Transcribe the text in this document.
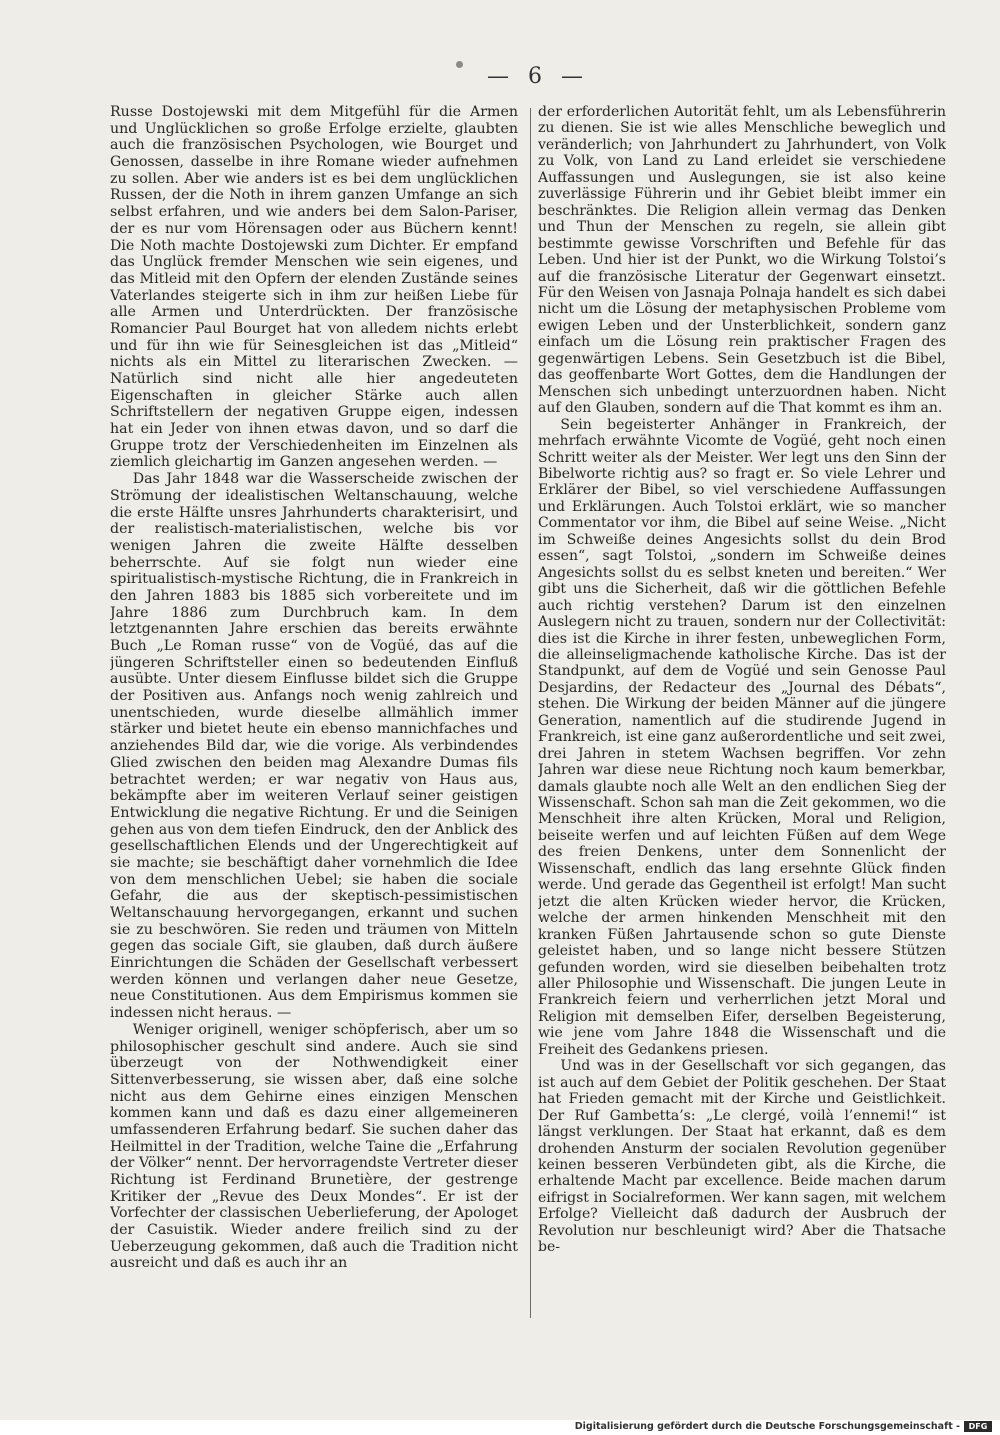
— 6 —

Russe Dostojewski mit dem Mitgefühl für die Armen und Unglücklichen so große Erfolge erzielte, glaubten auch die französischen Psychologen, wie Bourget und Genossen, dasselbe in ihre Romane wieder aufnehmen zu sollen. Aber wie anders ist es bei dem unglücklichen Russen, der die Noth in ihrem ganzen Umfange an sich selbst erfahren, und wie anders bei dem Salon-Pariser, der es nur vom Hörensagen oder aus Büchern kennt! Die Noth machte Dostojewski zum Dichter. Er empfand das Unglück fremder Menschen wie sein eigenes, und das Mitleid mit den Opfern der elenden Zustände seines Vaterlandes steigerte sich in ihm zur heißen Liebe für alle Armen und Unterdrückten. Der französische Romancier Paul Bourget hat von alledem nichts erlebt und für ihn wie für Seinesgleichen ist das „Mitleid“ nichts als ein Mittel zu literarischen Zwecken. — Natürlich sind nicht alle hier angedeuteten Eigenschaften in gleicher Stärke auch allen Schriftstellern der negativen Gruppe eigen, indessen hat ein Jeder von ihnen etwas davon, und so darf die Gruppe trotz der Verschiedenheiten im Einzelnen als ziemlich gleichartig im Ganzen angesehen werden. —

Das Jahr 1848 war die Wasserscheide zwischen der Strömung der idealistischen Weltanschauung, welche die erste Hälfte unsres Jahrhunderts charakterisirt, und der realistisch-materialistischen, welche bis vor wenigen Jahren die zweite Hälfte desselben beherrschte. Auf sie folgt nun wieder eine spiritualistisch-mystische Richtung, die in Frankreich in den Jahren 1883 bis 1885 sich vorbereitete und im Jahre 1886 zum Durchbruch kam. In dem letztgenannten Jahre erschien das bereits erwähnte Buch „Le Roman russe“ von de Vogüé, das auf die jüngeren Schriftsteller einen so bedeutenden Einfluß ausübte. Unter diesem Einflusse bildet sich die Gruppe der Positiven aus. Anfangs noch wenig zahlreich und unentschieden, wurde dieselbe allmählich immer stärker und bietet heute ein ebenso mannichfaches und anziehendes Bild dar, wie die vorige. Als verbindendes Glied zwischen den beiden mag Alexandre Dumas fils betrachtet werden; er war negativ von Haus aus, bekämpfte aber im weiteren Verlauf seiner geistigen Entwicklung die negative Richtung. Er und die Seinigen gehen aus von dem tiefen Eindruck, den der Anblick des gesellschaftlichen Elends und der Ungerechtigkeit auf sie machte; sie beschäftigt daher vornehmlich die Idee von dem menschlichen Uebel; sie haben die sociale Gefahr, die aus der skeptisch-pessimistischen Weltanschauung hervorgegangen, erkannt und suchen sie zu beschwören. Sie reden und träumen von Mitteln gegen das sociale Gift, sie glauben, daß durch äußere Einrichtungen die Schäden der Gesellschaft verbessert werden können und verlangen daher neue Gesetze, neue Constitutionen. Aus dem Empirismus kommen sie indessen nicht heraus. —

Weniger originell, weniger schöpferisch, aber um so philosophischer geschult sind andere. Auch sie sind überzeugt von der Nothwendigkeit einer Sittenverbesserung, sie wissen aber, daß eine solche nicht aus dem Gehirne eines einzigen Menschen kommen kann und daß es dazu einer allgemeineren umfassenderen Erfahrung bedarf. Sie suchen daher das Heilmittel in der Tradition, welche Taine die „Erfahrung der Völker“ nennt. Der hervorragendste Vertreter dieser Richtung ist Ferdinand Brunetière, der gestrenge Kritiker der „Revue des Deux Mondes“. Er ist der Vorfechter der classischen Ueberlieferung, der Apologet der Casuistik. Wieder andere freilich sind zu der Ueberzeugung gekommen, daß auch die Tradition nicht ausreicht und daß es auch ihr an

der erforderlichen Autorität fehlt, um als Lebensführerin zu dienen. Sie ist wie alles Menschliche beweglich und veränderlich; von Jahrhundert zu Jahrhundert, von Volk zu Volk, von Land zu Land erleidet sie verschiedene Auffassungen und Auslegungen, sie ist also keine zuverlässige Führerin und ihr Gebiet bleibt immer ein beschränktes. Die Religion allein vermag das Denken und Thun der Menschen zu regeln, sie allein gibt bestimmte gewisse Vorschriften und Befehle für das Leben. Und hier ist der Punkt, wo die Wirkung Tolstoi’s auf die französische Literatur der Gegenwart einsetzt. Für den Weisen von Jasnaja Polnaja handelt es sich dabei nicht um die Lösung der metaphysischen Probleme vom ewigen Leben und der Unsterblichkeit, sondern ganz einfach um die Lösung rein praktischer Fragen des gegenwärtigen Lebens. Sein Gesetzbuch ist die Bibel, das geoffenbarte Wort Gottes, dem die Handlungen der Menschen sich unbedingt unterzuordnen haben. Nicht auf den Glauben, sondern auf die That kommt es ihm an.

Sein begeisterter Anhänger in Frankreich, der mehrfach erwähnte Vicomte de Vogüé, geht noch einen Schritt weiter als der Meister. Wer legt uns den Sinn der Bibelworte richtig aus? so fragt er. So viele Lehrer und Erklärer der Bibel, so viel verschiedene Auffassungen und Erklärungen. Auch Tolstoi erklärt, wie so mancher Commentator vor ihm, die Bibel auf seine Weise. „Nicht im Schweiße deines Angesichts sollst du dein Brod essen“, sagt Tolstoi, „sondern im Schweiße deines Angesichts sollst du es selbst kneten und bereiten.“ Wer gibt uns die Sicherheit, daß wir die göttlichen Befehle auch richtig verstehen? Darum ist den einzelnen Auslegern nicht zu trauen, sondern nur der Collectivität: dies ist die Kirche in ihrer festen, unbeweglichen Form, die alleinseligmachende katholische Kirche. Das ist der Standpunkt, auf dem de Vogüé und sein Genosse Paul Desjardins, der Redacteur des „Journal des Débats“, stehen. Die Wirkung der beiden Männer auf die jüngere Generation, namentlich auf die studirende Jugend in Frankreich, ist eine ganz außerordentliche und seit zwei, drei Jahren in stetem Wachsen begriffen. Vor zehn Jahren war diese neue Richtung noch kaum bemerkbar, damals glaubte noch alle Welt an den endlichen Sieg der Wissenschaft. Schon sah man die Zeit gekommen, wo die Menschheit ihre alten Krücken, Moral und Religion, beiseite werfen und auf leichten Füßen auf dem Wege des freien Denkens, unter dem Sonnenlicht der Wissenschaft, endlich das lang ersehnte Glück finden werde. Und gerade das Gegentheil ist erfolgt! Man sucht jetzt die alten Krücken wieder hervor, die Krücken, welche der armen hinkenden Menschheit mit den kranken Füßen Jahrtausende schon so gute Dienste geleistet haben, und so lange nicht bessere Stützen gefunden worden, wird sie dieselben beibehalten trotz aller Philosophie und Wissenschaft. Die jungen Leute in Frankreich feiern und verherrlichen jetzt Moral und Religion mit demselben Eifer, derselben Begeisterung, wie jene vom Jahre 1848 die Wissenschaft und die Freiheit des Gedankens priesen.

Und was in der Gesellschaft vor sich gegangen, das ist auch auf dem Gebiet der Politik geschehen. Der Staat hat Frieden gemacht mit der Kirche und Geistlichkeit. Der Ruf Gambetta’s: „Le clergé, voilà l’ennemi!“ ist längst verklungen. Der Staat hat erkannt, daß es dem drohenden Ansturm der socialen Revolution gegenüber keinen besseren Verbündeten gibt, als die Kirche, die erhaltende Macht par excellence. Beide machen darum eifrigst in Socialreformen. Wer kann sagen, mit welchem Erfolge? Vielleicht daß dadurch der Ausbruch der Revolution nur beschleunigt wird? Aber die Thatsache be-

Digitalisierung gefördert durch die Deutsche Forschungsgemeinschaft -	DFG
